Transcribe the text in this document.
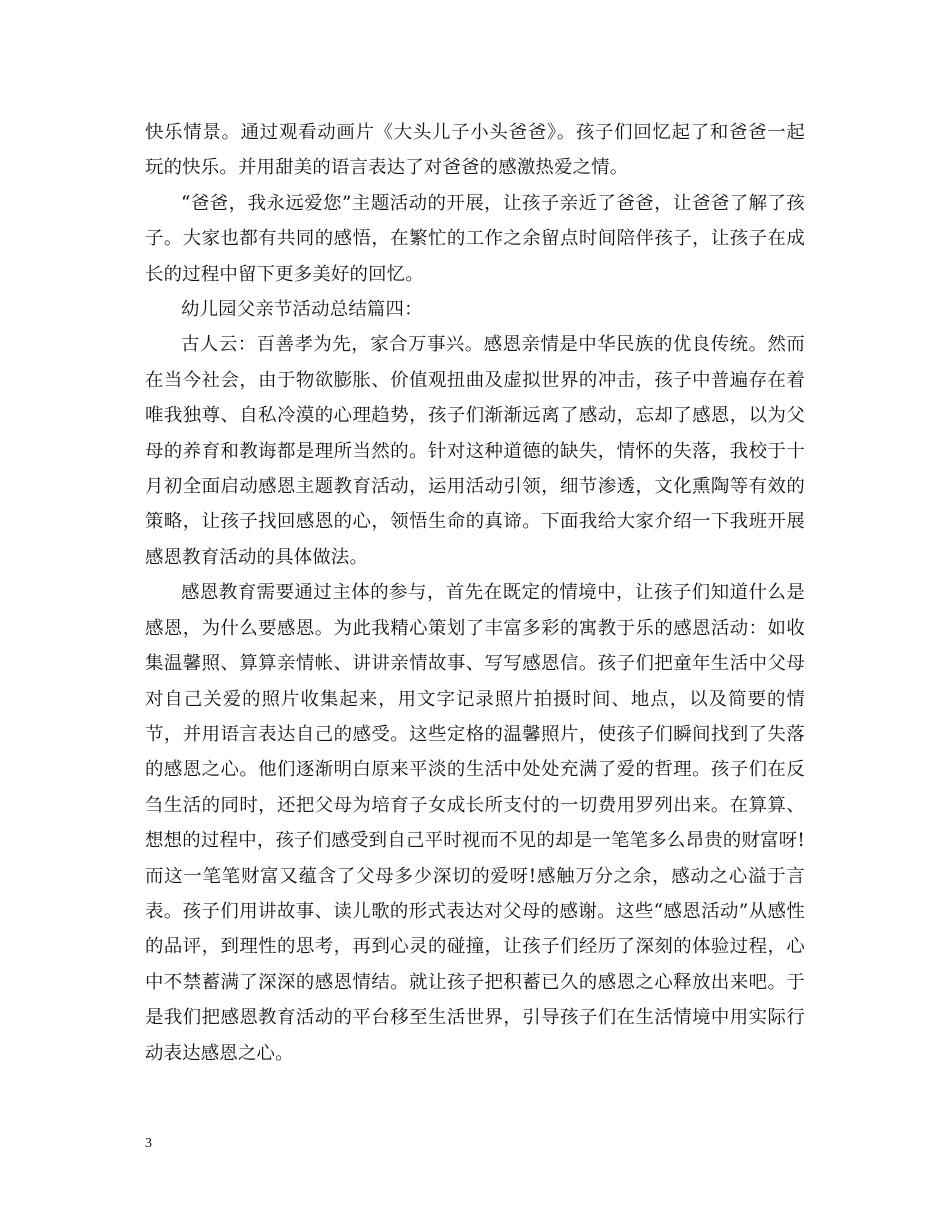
快乐情景。通过观看动画片《大头儿子小头爸爸》。孩子们回忆起了和爸爸一起玩的快乐。并用甜美的语言表达了对爸爸的感激热爱之情。

“爸爸，我永远爱您”主题活动的开展，让孩子亲近了爸爸，让爸爸了解了孩子。大家也都有共同的感悟，在繁忙的工作之余留点时间陪伴孩子，让孩子在成长的过程中留下更多美好的回忆。

幼儿园父亲节活动总结篇四：

古人云：百善孝为先，家合万事兴。感恩亲情是中华民族的优良传统。然而在当今社会，由于物欲膨胀、价值观扭曲及虚拟世界的冲击，孩子中普遍存在着唯我独尊、自私冷漠的心理趋势，孩子们渐渐远离了感动，忘却了感恩，以为父母的养育和教诲都是理所当然的。针对这种道德的缺失，情怀的失落，我校于十月初全面启动感恩主题教育活动，运用活动引领，细节渗透，文化熏陶等有效的策略，让孩子找回感恩的心，领悟生命的真谛。下面我给大家介绍一下我班开展感恩教育活动的具体做法。

感恩教育需要通过主体的参与，首先在既定的情境中，让孩子们知道什么是感恩，为什么要感恩。为此我精心策划了丰富多彩的寓教于乐的感恩活动：如收集温馨照、算算亲情帐、讲讲亲情故事、写写感恩信。孩子们把童年生活中父母对自己关爱的照片收集起来，用文字记录照片拍摄时间、地点，以及简要的情节，并用语言表达自己的感受。这些定格的温馨照片，使孩子们瞬间找到了失落的感恩之心。他们逐渐明白原来平淡的生活中处处充满了爱的哲理。孩子们在反刍生活的同时，还把父母为培育子女成长所支付的一切费用罗列出来。在算算、想想的过程中，孩子们感受到自己平时视而不见的却是一笔笔多么昂贵的财富呀!而这一笔笔财富又蕴含了父母多少深切的爱呀!感触万分之余，感动之心溢于言表。孩子们用讲故事、读儿歌的形式表达对父母的感谢。这些“感恩活动”从感性的品评，到理性的思考，再到心灵的碰撞，让孩子们经历了深刻的体验过程，心中不禁蓄满了深深的感恩情结。就让孩子把积蓄已久的感恩之心释放出来吧。于是我们把感恩教育活动的平台移至生活世界，引导孩子们在生活情境中用实际行动表达感恩之心。

3
